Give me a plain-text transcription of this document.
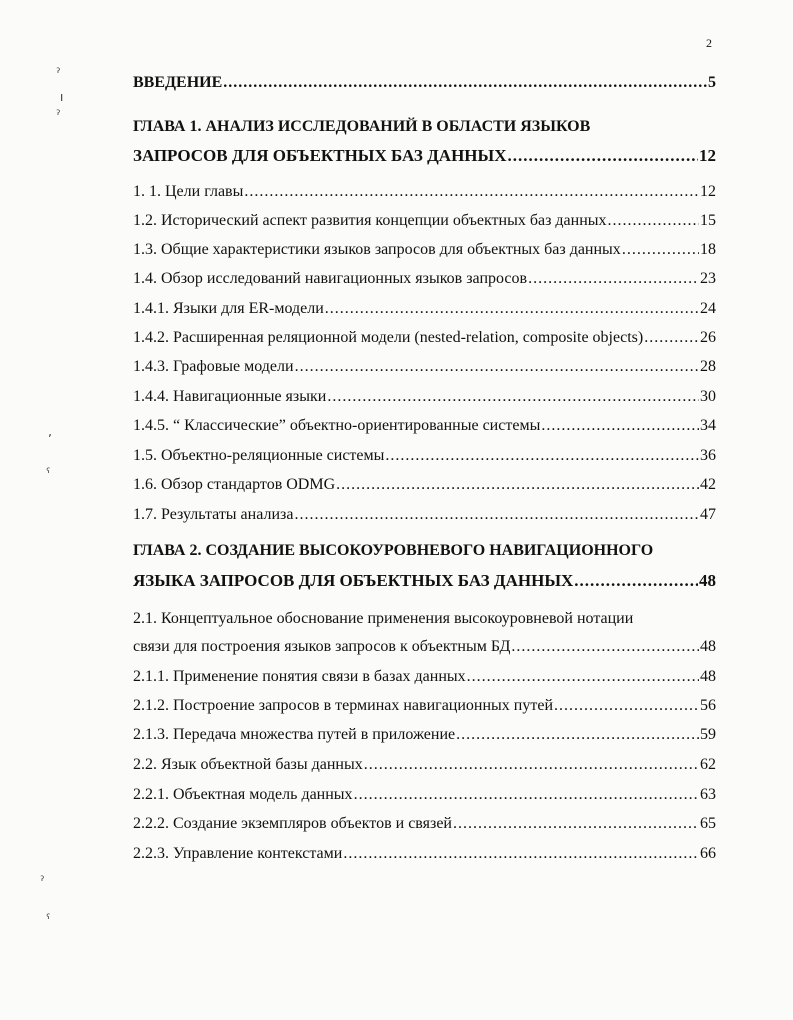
2
ˀ
ı
ˀ
ʼ
ˁ
ˀ
ˁ
ВВЕДЕНИЕ .....	5
ГЛАВА 1. АНАЛИЗ ИССЛЕДОВАНИЙ В ОБЛАСТИ ЯЗЫКОВ
ЗАПРОСОВ ДЛЯ ОБЪЕКТНЫХ БАЗ ДАННЫХ .....	12
1. 1. Цели главы .....	12
1.2. Исторический аспект развития концепции объектных баз данных .....	15
1.3. Общие характеристики языков запросов для объектных баз данных .....	18
1.4. Обзор исследований навигационных языков запросов .....	23
1.4.1. Языки для ER-модели .....	24
1.4.2. Расширенная реляционной модели (nested-relation, composite objects) .....	26
1.4.3. Графовые модели .....	28
1.4.4. Навигационные языки .....	30
1.4.5. “ Классические” объектно-ориентированные системы .....	34
1.5. Объектно-реляционные системы .....	36
1.6. Обзор стандартов ODMG .....	42
1.7. Результаты анализа .....	47
ГЛАВА 2. СОЗДАНИЕ ВЫСОКОУРОВНЕВОГО НАВИГАЦИОННОГО
ЯЗЫКА ЗАПРОСОВ ДЛЯ ОБЪЕКТНЫХ БАЗ ДАННЫХ .....	48
2.1. Концептуальное обоснование применения высокоуровневой нотации
связи для построения языков запросов к объектным БД .....	48
2.1.1. Применение понятия связи в базах данных .....	48
2.1.2. Построение запросов в терминах навигационных путей .....	56
2.1.3. Передача множества путей в приложение .....	59
2.2. Язык объектной базы данных .....	62
2.2.1. Объектная модель данных .....	63
2.2.2. Создание экземпляров объектов и связей .....	65
2.2.3. Управление контекстами .....	66
